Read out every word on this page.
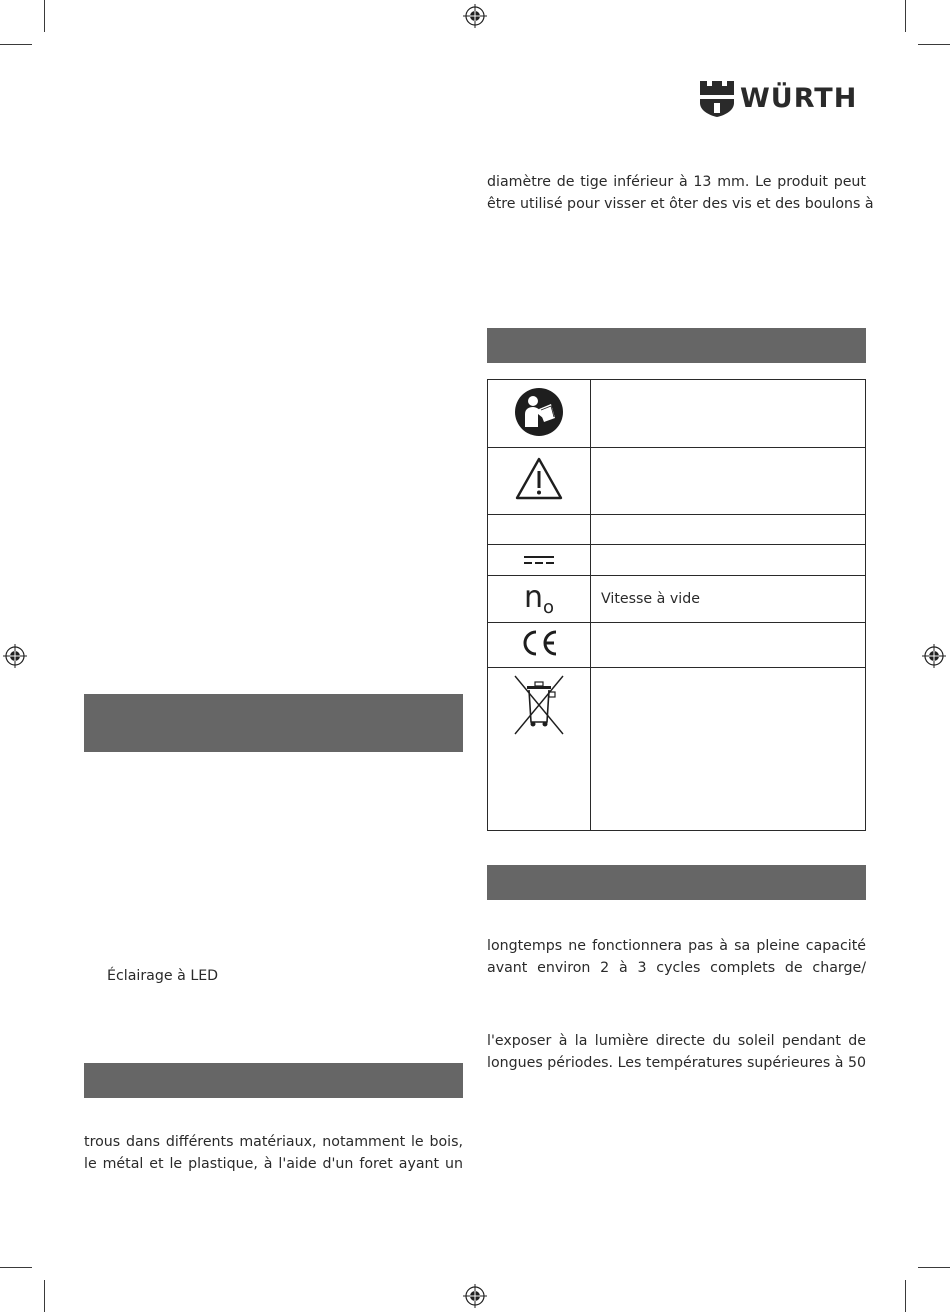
WÜRTH
diamètre de tige inférieur à 13 mm. Le produit peut
être utilisé pour visser et ôter des vis et des boulons à

$n_o$	Vitesse à vide

Éclairage à LED
trous dans différents matériaux, notamment le bois,
le métal et le plastique, à l'aide d'un foret ayant un
longtemps ne fonctionnera pas à sa pleine capacité
avant environ 2 à 3 cycles complets de charge/
l'exposer à la lumière directe du soleil pendant de
longues périodes. Les températures supérieures à 50
